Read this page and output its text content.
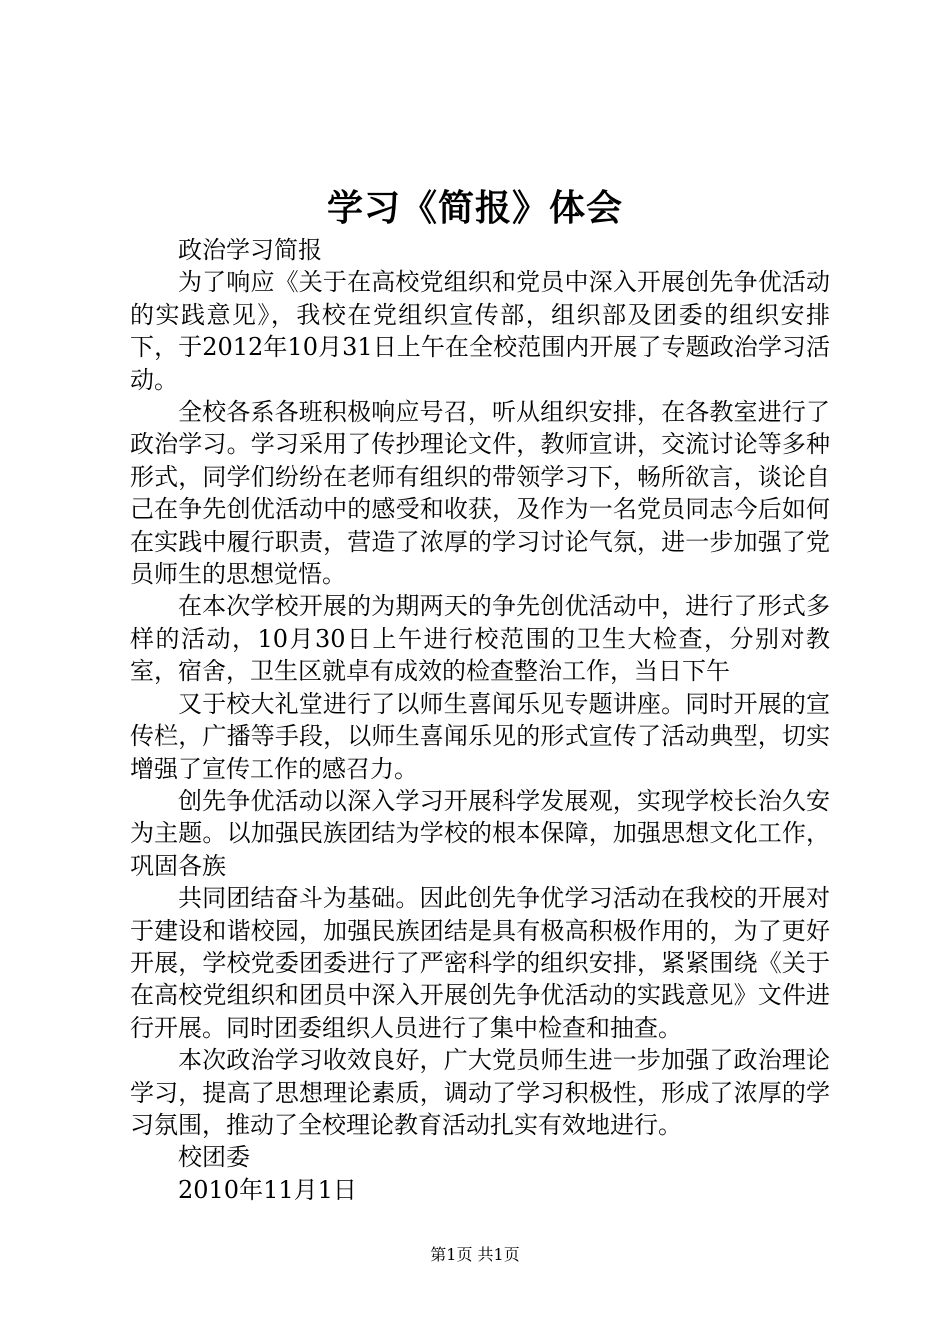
学习《简报》体会

政治学习简报

为了响应《关于在高校党组织和党员中深入开展创先争优活动的实践意见》，我校在党组织宣传部，组织部及团委的组织安排下，于2012年10月31日上午在全校范围内开展了专题政治学习活动。

全校各系各班积极响应号召，听从组织安排，在各教室进行了政治学习。学习采用了传抄理论文件，教师宣讲，交流讨论等多种形式，同学们纷纷在老师有组织的带领学习下，畅所欲言，谈论自己在争先创优活动中的感受和收获，及作为一名党员同志今后如何在实践中履行职责，营造了浓厚的学习讨论气氛，进一步加强了党员师生的思想觉悟。

在本次学校开展的为期两天的争先创优活动中，进行了形式多样的活动，10月30日上午进行校范围的卫生大检查，分别对教室，宿舍，卫生区就卓有成效的检查整治工作，当日下午

又于校大礼堂进行了以师生喜闻乐见专题讲座。同时开展的宣传栏，广播等手段，以师生喜闻乐见的形式宣传了活动典型，切实增强了宣传工作的感召力。

创先争优活动以深入学习开展科学发展观，实现学校长治久安为主题。以加强民族团结为学校的根本保障，加强思想文化工作，巩固各族

共同团结奋斗为基础。因此创先争优学习活动在我校的开展对于建设和谐校园，加强民族团结是具有极高积极作用的，为了更好开展，学校党委团委进行了严密科学的组织安排，紧紧围绕《关于在高校党组织和团员中深入开展创先争优活动的实践意见》文件进行开展。同时团委组织人员进行了集中检查和抽查。

本次政治学习收效良好，广大党员师生进一步加强了政治理论学习，提高了思想理论素质，调动了学习积极性，形成了浓厚的学习氛围，推动了全校理论教育活动扎实有效地进行。

校团委

2010年11月1日

第1页 共1页
